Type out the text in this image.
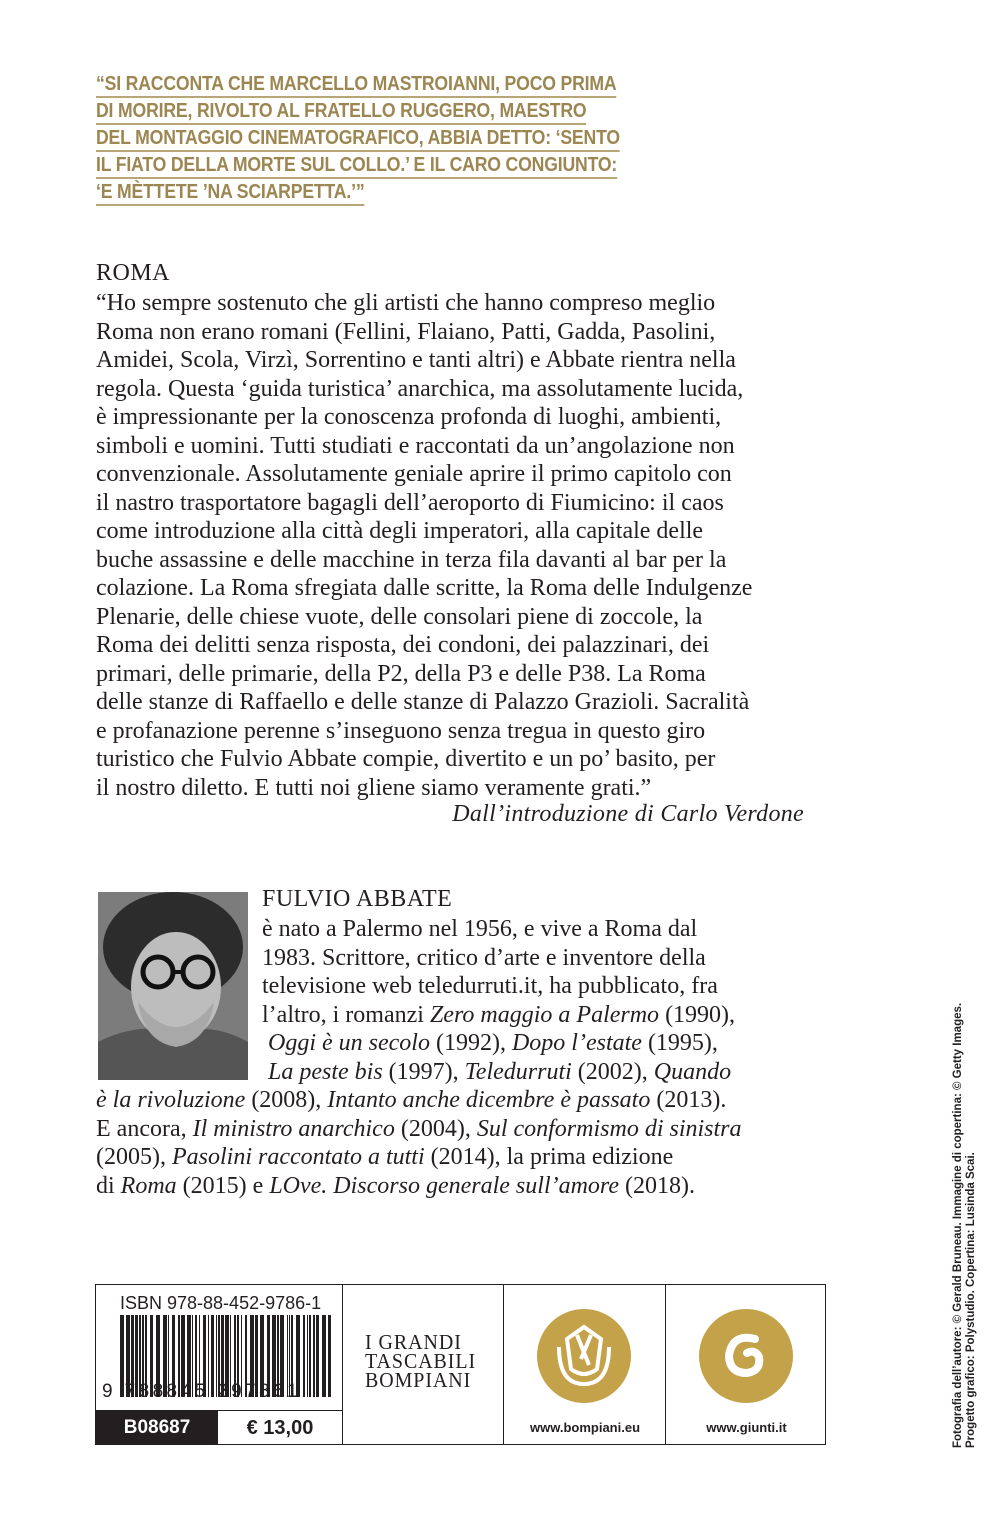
“SI RACCONTA CHE MARCELLO MASTROIANNI, POCO PRIMA
DI MORIRE, RIVOLTO AL FRATELLO RUGGERO, MAESTRO
DEL MONTAGGIO CINEMATOGRAFICO, ABBIA DETTO: ‘SENTO
IL FIATO DELLA MORTE SUL COLLO.’ E IL CARO CONGIUNTO:
‘E MÈTTETE ’NA SCIARPETTA.’”
ROMA
“Ho sempre sostenuto che gli artisti che hanno compreso meglio
Roma non erano romani (Fellini, Flaiano, Patti, Gadda, Pasolini,
Amidei, Scola, Virzì, Sorrentino e tanti altri) e Abbate rientra nella
regola. Questa ‘guida turistica’ anarchica, ma assolutamente lucida,
è impressionante per la conoscenza profonda di luoghi, ambienti,
simboli e uomini. Tutti studiati e raccontati da un’angolazione non
convenzionale. Assolutamente geniale aprire il primo capitolo con
il nastro trasportatore bagagli dell’aeroporto di Fiumicino: il caos
come introduzione alla città degli imperatori, alla capitale delle
buche assassine e delle macchine in terza fila davanti al bar per la
colazione. La Roma sfregiata dalle scritte, la Roma delle Indulgenze
Plenarie, delle chiese vuote, delle consolari piene di zoccole, la
Roma dei delitti senza risposta, dei condoni, dei palazzinari, dei
primari, delle primarie, della P2, della P3 e delle P38. La Roma
delle stanze di Raffaello e delle stanze di Palazzo Grazioli. Sacralità
e profanazione perenne s’inseguono senza tregua in questo giro
turistico che Fulvio Abbate compie, divertito e un po’ basito, per
il nostro diletto. E tutti noi gliene siamo veramente grati.”
Dall’introduzione di Carlo Verdone
FULVIO ABBATE
è nato a Palermo nel 1956, e vive a Roma dal
1983. Scrittore, critico d’arte e inventore della
televisione web teledurruti.it, ha pubblicato, fra
l’altro, i romanzi Zero maggio a Palermo (1990),
Oggi è un secolo (1992), Dopo l’estate (1995),
La peste bis (1997), Teledurruti (2002), Quando
è la rivoluzione (2008), Intanto anche dicembre è passato (2013).
E ancora, Il ministro anarchico (2004), Sul conformismo di sinistra
(2005), Pasolini raccontato a tutti (2014), la prima edizione
di Roma (2015) e LOve. Discorso generale sull’amore (2018).
ISBN 978-88-452-9786-1
9 788845 297861
B08687	€ 13,00
I GRANDI
TASCABILI
BOMPIANI
www.bompiani.eu	www.giunti.it	Fotografia dell’autore: © Gerald Bruneau. Immagine di copertina: © Getty Images. Progetto grafico: Polystudio. Copertina: Lusinda Scai.
